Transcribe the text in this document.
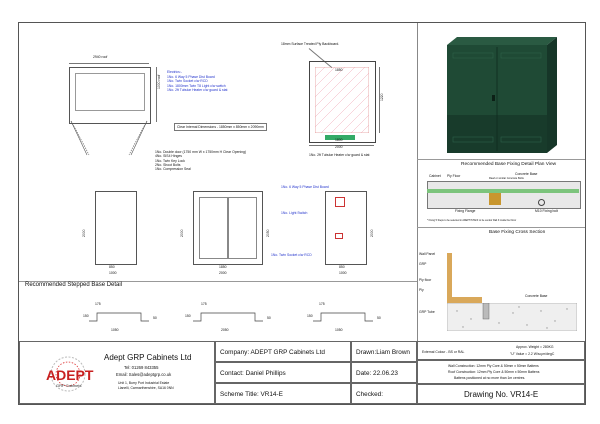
2940 roof
1000 roof
Electrics:-
1No. 6 Way 5 Phase Dist Board
1No. Twin Socket c/w RCD
1No. 1800mm Twin T8 Light c/w switch
1No. 2ft Tubular Heater c/w guard & stat
Clear Internal Dimensions - 1850mm x 850mm x 2090mm
18mm Surface Treated Ply Backboard.
1850
1220
1800
2000
1No. 2ft Tubular Heater c/w guard & stat
1No. Double door (1750 mm W x 1750mm H Clear Opening)
4No. SIS4 Hinges
1No. Twin Key Lock
2No. Shoot Bolts
1No. Compression Seal
2000
850
1000
2000	2050
1850
2000
1No. 6 Way 5 Phase Dist Board
1No. Light Switch
1No. Twin Socket c/w RCD
2000
850
1000
Recommended Stepped Base Detail
175
150	50
1050
175
150	50
2050
175
150	50
1050
Recommended Base Fixing Detail Plan View
Cabinet Ply Floor	Concrete Base
Rawl or similar Concrete Bolts
M10 Fixing bolt
Fixing Flange
* Fixing 5 Steps to be selected in ADEPT/STAFF to be vendor Rail 3 inside the Floor
Base Fixing Cross Section
Wall Panel
GRP
Ply floor
Ply
GRP Tube
Concrete Base
ADEPT
GRP Cabinets
Adept GRP Cabinets Ltd
Tel: 01269 843355
Email: Sales@adeptgrp.co.uk
Unit 1, Burry Port Industrial Estate
Llanelli, Carmarthenshire, SA16 0NN
Company: ADEPT GRP Cabinets Ltd	Drawn:Liam Brown
Contact: Daniel Phillips	Date: 22.06.23
Scheme Title: VR14-E	Checked:
External Colour - BS or RAL
Approx. Weight = 280KG
"U" Value = 2.2 W/sq.m/degC
Wall Construction: 12mm Ply Core & 50mm x 50mm Battens
Roof Construction: 12mm Ply Core & 50mm x 50mm Battens
Battens positioned at no more than 1m centres.
Drawing No. VR14-E
